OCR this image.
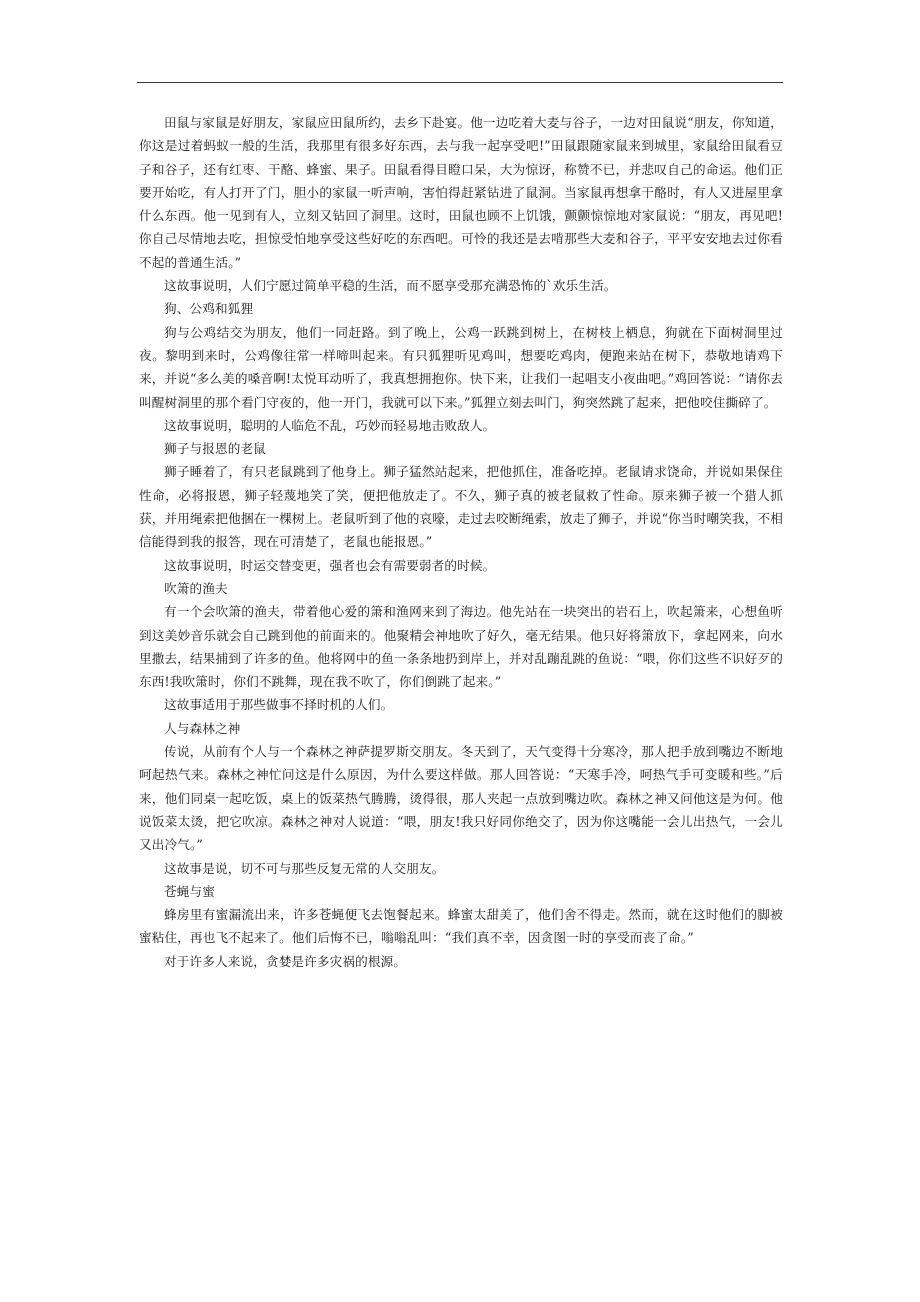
田鼠与家鼠是好朋友，家鼠应田鼠所约，去乡下赴宴。他一边吃着大麦与谷子，一边对田鼠说“朋友，你知道，你这是过着蚂蚁一般的生活，我那里有很多好东西，去与我一起享受吧!”田鼠跟随家鼠来到城里，家鼠给田鼠看豆子和谷子，还有红枣、干酪、蜂蜜、果子。田鼠看得目瞪口呆，大为惊讶，称赞不已，并悲叹自己的命运。他们正要开始吃，有人打开了门，胆小的家鼠一听声响，害怕得赶紧钻进了鼠洞。当家鼠再想拿干酪时，有人又进屋里拿什么东西。他一见到有人，立刻又钻回了洞里。这时，田鼠也顾不上饥饿，颤颤惊惊地对家鼠说：“朋友，再见吧!你自己尽情地去吃，担惊受怕地享受这些好吃的东西吧。可怜的我还是去啃那些大麦和谷子，平平安安地去过你看不起的普通生活。”

这故事说明，人们宁愿过简单平稳的生活，而不愿享受那充满恐怖的`欢乐生活。

狗、公鸡和狐狸

狗与公鸡结交为朋友，他们一同赶路。到了晚上，公鸡一跃跳到树上，在树枝上栖息，狗就在下面树洞里过夜。黎明到来时，公鸡像往常一样啼叫起来。有只狐狸听见鸡叫，想要吃鸡肉，便跑来站在树下，恭敬地请鸡下来，并说“多么美的嗓音啊!太悦耳动听了，我真想拥抱你。快下来，让我们一起唱支小夜曲吧。”鸡回答说：“请你去叫醒树洞里的那个看门守夜的，他一开门，我就可以下来。”狐狸立刻去叫门，狗突然跳了起来，把他咬住撕碎了。

这故事说明，聪明的人临危不乱，巧妙而轻易地击败敌人。

狮子与报恩的老鼠

狮子睡着了，有只老鼠跳到了他身上。狮子猛然站起来，把他抓住，准备吃掉。老鼠请求饶命，并说如果保住性命，必将报恩，狮子轻蔑地笑了笑，便把他放走了。不久，狮子真的被老鼠救了性命。原来狮子被一个猎人抓获，并用绳索把他捆在一棵树上。老鼠听到了他的哀嚎，走过去咬断绳索，放走了狮子，并说“你当时嘲笑我，不相信能得到我的报答，现在可清楚了，老鼠也能报恩。”

这故事说明，时运交替变更，强者也会有需要弱者的时候。

吹箫的渔夫

有一个会吹箫的渔夫，带着他心爱的箫和渔网来到了海边。他先站在一块突出的岩石上，吹起箫来，心想鱼听到这美妙音乐就会自己跳到他的前面来的。他聚精会神地吹了好久，毫无结果。他只好将箫放下，拿起网来，向水里撒去，结果捕到了许多的鱼。他将网中的鱼一条条地扔到岸上，并对乱蹦乱跳的鱼说：“喂，你们这些不识好歹的东西!我吹箫时，你们不跳舞，现在我不吹了，你们倒跳了起来。”

这故事适用于那些做事不择时机的人们。

人与森林之神

传说，从前有个人与一个森林之神萨提罗斯交朋友。冬天到了，天气变得十分寒冷，那人把手放到嘴边不断地呵起热气来。森林之神忙问这是什么原因，为什么要这样做。那人回答说：“天寒手冷，呵热气手可变暖和些。”后来，他们同桌一起吃饭，桌上的饭菜热气腾腾，烫得很，那人夹起一点放到嘴边吹。森林之神又问他这是为何。他说饭菜太烫，把它吹凉。森林之神对人说道：“喂，朋友!我只好同你绝交了，因为你这嘴能一会儿出热气，一会儿又出冷气。”

这故事是说，切不可与那些反复无常的人交朋友。

苍蝇与蜜

蜂房里有蜜漏流出来，许多苍蝇便飞去饱餐起来。蜂蜜太甜美了，他们舍不得走。然而，就在这时他们的脚被蜜粘住，再也飞不起来了。他们后悔不已，嗡嗡乱叫：“我们真不幸，因贪图一时的享受而丧了命。”

对于许多人来说，贪婪是许多灾祸的根源。
